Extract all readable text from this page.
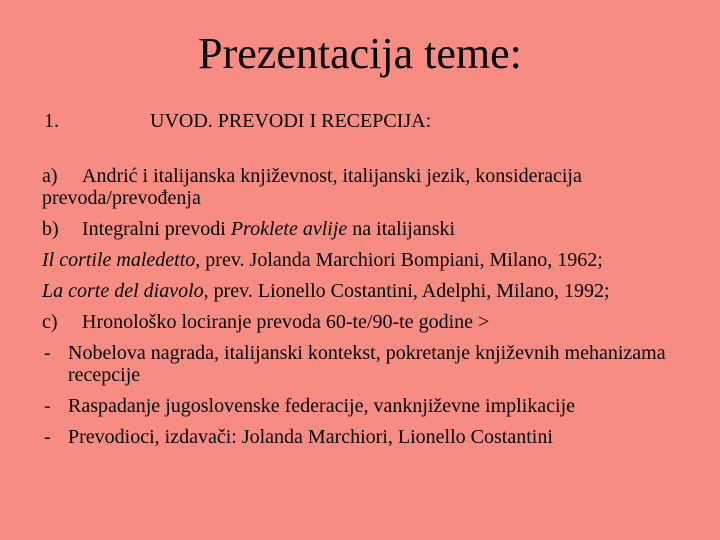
Prezentacija teme:
1.	UVOD. PREVODI I RECEPCIJA:
a) Andrić i italijanska književnost, italijanski jezik, konsideracija prevoda/prevođenja
b) Integralni prevodi Proklete avlije na italijanski
Il cortile maledetto, prev. Jolanda Marchiori Bompiani, Milano, 1962;
La corte del diavolo, prev. Lionello Costantini, Adelphi, Milano, 1992;
c) Hronološko lociranje prevoda 60-te/90-te godine >
- Nobelova nagrada, italijanski kontekst, pokretanje književnih mehanizama recepcije
- Raspadanje jugoslovenske federacije, vanknjiževne implikacije
- Prevodioci, izdavači: Jolanda Marchiori, Lionello Costantini
